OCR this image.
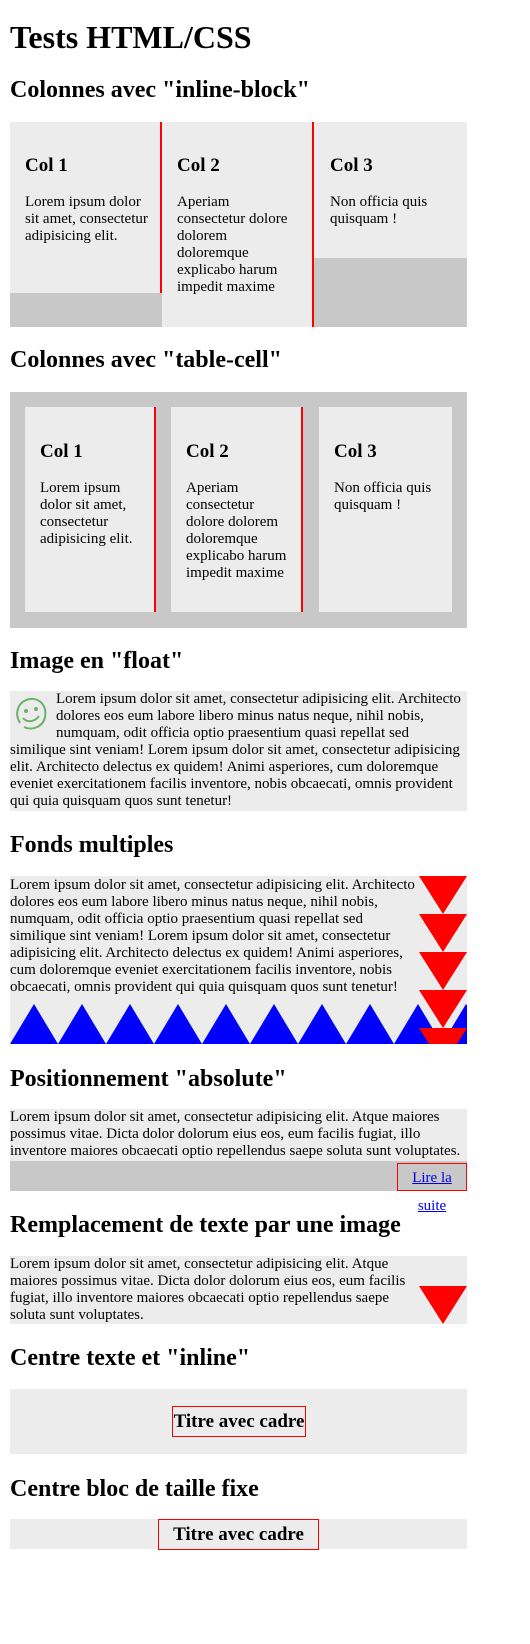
Tests HTML/CSS
Colonnes avec "inline-block"
Col 1

Lorem ipsum dolor sit amet, consectetur adipisicing elit.

Col 2

Aperiam consectetur dolore dolorem doloremque explicabo harum impedit maxime

Col 3

Non officia quis quisquam !

Colonnes avec "table-cell"
Col 1

Lorem ipsum dolor sit amet, consectetur adipisicing elit.

Col 2

Aperiam consectetur dolore dolorem doloremque explicabo harum impedit maxime

Col 3

Non officia quis quisquam !

Image en "float"

Lorem ipsum dolor sit amet, consectetur adipisicing elit. Architecto dolores eos eum labore libero minus natus neque, nihil nobis, numquam, odit officia optio praesentium quasi repellat sed similique sint veniam! Lorem ipsum dolor sit amet, consectetur adipisicing elit. Architecto delectus ex quidem! Animi asperiores, cum doloremque eveniet exercitationem facilis inventore, nobis obcaecati, omnis provident qui quia quisquam quos sunt tenetur!

Fonds multiples

Lorem ipsum dolor sit amet, consectetur adipisicing elit. Architecto dolores eos eum labore libero minus natus neque, nihil nobis, numquam, odit officia optio praesentium quasi repellat sed similique sint veniam! Lorem ipsum dolor sit amet, consectetur adipisicing elit. Architecto delectus ex quidem! Animi asperiores, cum doloremque eveniet exercitationem facilis inventore, nobis obcaecati, omnis provident qui quia quisquam quos sunt tenetur!

Positionnement "absolute"

Lorem ipsum dolor sit amet, consectetur adipisicing elit. Atque maiores possimus vitae. Dicta dolor dolorum eius eos, eum facilis fugiat, illo inventore maiores obcaecati optio repellendus saepe soluta sunt voluptates.

Lire la suite
Remplacement de texte par une image

Lorem ipsum dolor sit amet, consectetur adipisicing elit. Atque maiores possimus vitae. Dicta dolor dolorum eius eos, eum facilis fugiat, illo inventore maiores obcaecati optio repellendus saepe soluta sunt voluptates.

Centre texte et "inline"
Titre avec cadre
Centre bloc de taille fixe
Titre avec cadre
